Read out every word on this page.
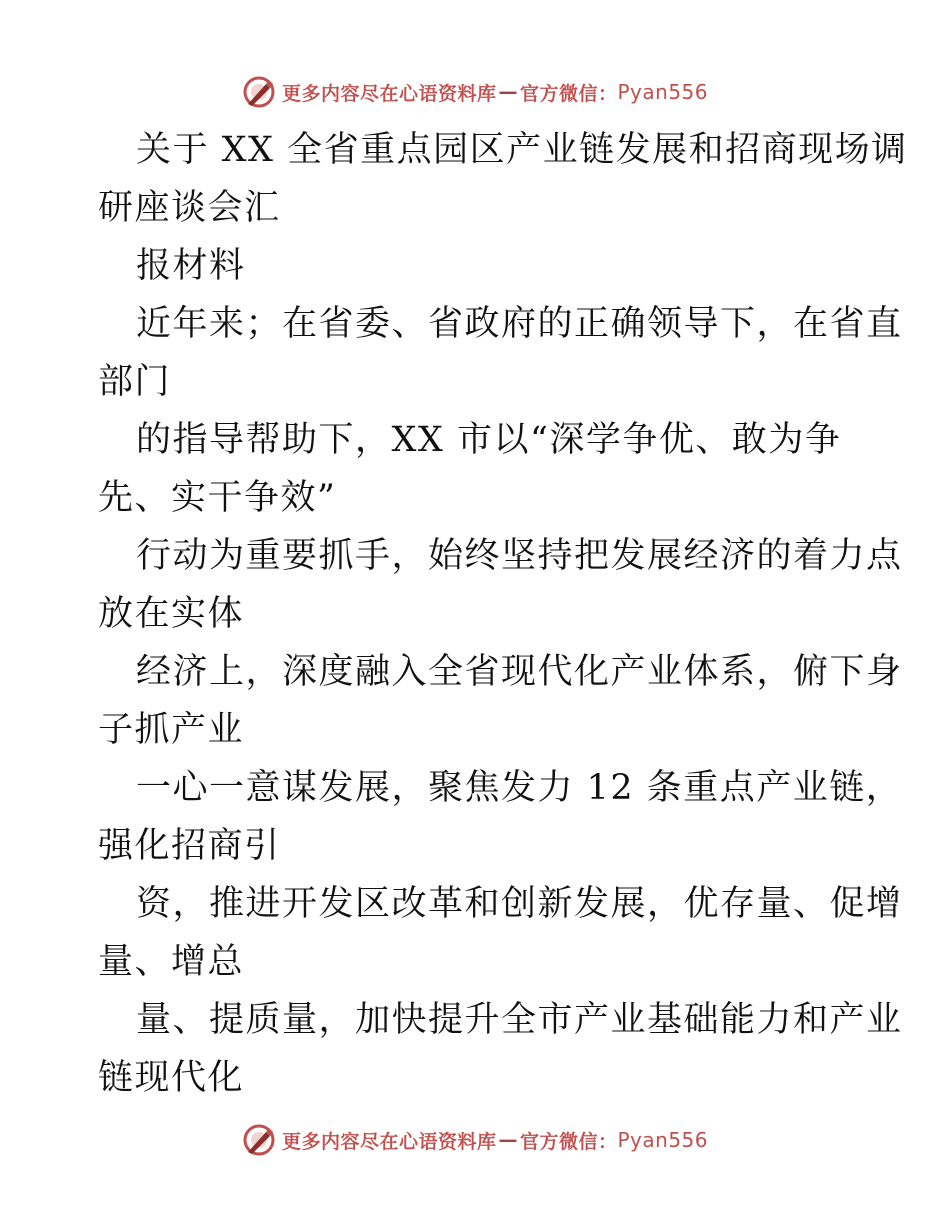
更多内容尽在心语资料库 — 官方微信： Pyan556
关于 XX 全省重点园区产业链发展和招商现场调
研座谈会汇
报材料
近年来；在省委、省政府的正确领导下，在省直
部门
的指导帮助下，XX 市以“深学争优、敢为争
先、实干争效”
行动为重要抓手，始终坚持把发展经济的着力点
放在实体
经济上，深度融入全省现代化产业体系，俯下身
子抓产业
一心一意谋发展，聚焦发力 12 条重点产业链，
强化招商引
资，推进开发区改革和创新发展，优存量、促增
量、增总
量、提质量，加快提升全市产业基础能力和产业
链现代化
更多内容尽在心语资料库 — 官方微信： Pyan556
